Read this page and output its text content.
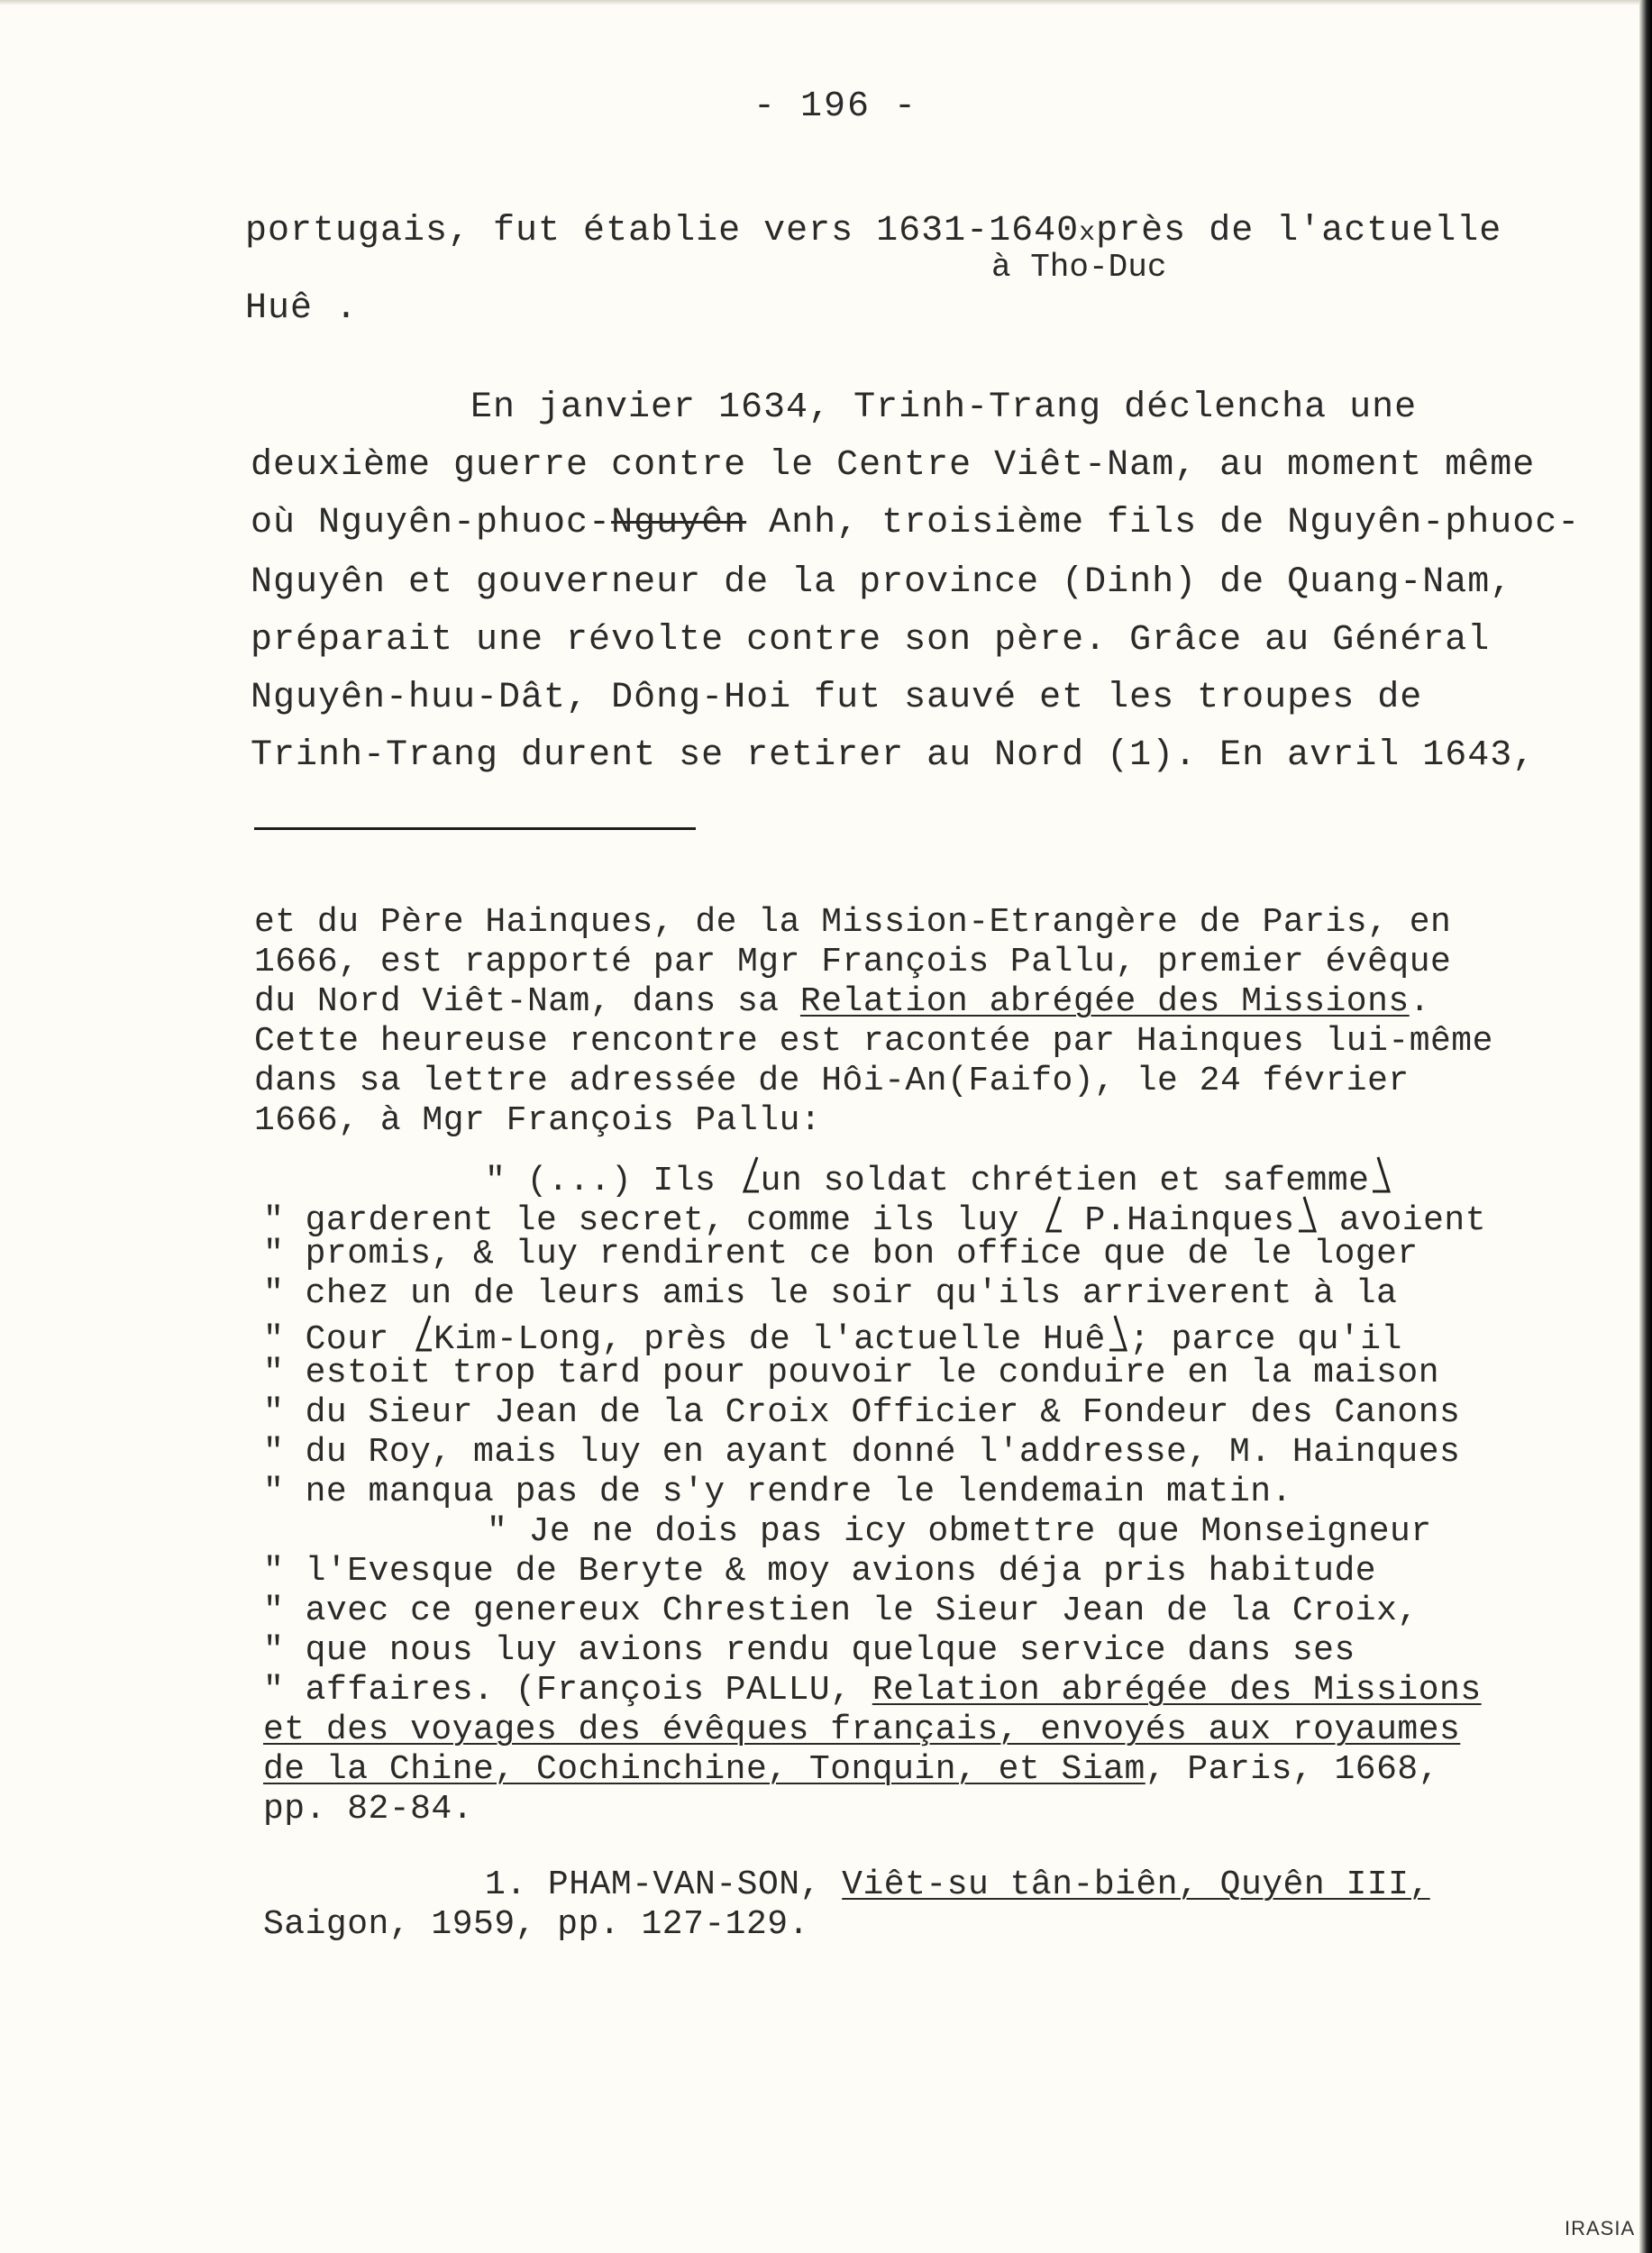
- 196 -
portugais, fut établie vers 1631-1640xprès de l'actuelle
à Tho-Duc
Huê .
En janvier 1634, Trinh-Trang déclencha une
deuxième guerre contre le Centre Viêt-Nam, au moment même
où Nguyên-phuoc-Nguyên Anh, troisième fils de Nguyên-phuoc-
Nguyên et gouverneur de la province (Dinh) de Quang-Nam,
préparait une révolte contre son père. Grâce au Général
Nguyên-huu-Dât, Dông-Hoi fut sauvé et les troupes de
Trinh-Trang durent se retirer au Nord (1). En avril 1643,
et du Père Hainques, de la Mission-Etrangère de Paris, en
1666, est rapporté par Mgr François Pallu, premier évêque
du Nord Viêt-Nam, dans sa Relation abrégée des Missions.
Cette heureuse rencontre est racontée par Hainques lui-même
dans sa lettre adressée de Hôi-An(Faifo), le 24 février
1666, à Mgr François Pallu:
" (...) Ils un soldat chrétien et safemme
" garderent le secret, comme ils luy  P.Hainques avoient
" promis, & luy rendirent ce bon office que de le loger
" chez un de leurs amis le soir qu'ils arriverent à la
" Cour Kim-Long, près de l'actuelle Huê ; parce qu'il
" estoit trop tard pour pouvoir le conduire en la maison
" du Sieur Jean de la Croix Officier & Fondeur des Canons
" du Roy, mais luy en ayant donné l'addresse, M. Hainques
" ne manqua pas de s'y rendre le lendemain matin.
" Je ne dois pas icy obmettre que Monseigneur
" l'Evesque de Beryte & moy avions déja pris habitude
" avec ce genereux Chrestien le Sieur Jean de la Croix,
" que nous luy avions rendu quelque service dans ses
" affaires. (François PALLU, Relation abrégée des Missions
et des voyages des évêques français, envoyés aux royaumes
de la Chine, Cochinchine, Tonquin, et Siam, Paris, 1668,
pp. 82-84.
1. PHAM-VAN-SON, Viêt-su tân-biên, Quyên III,
Saigon, 1959, pp. 127-129.
IRASIA
